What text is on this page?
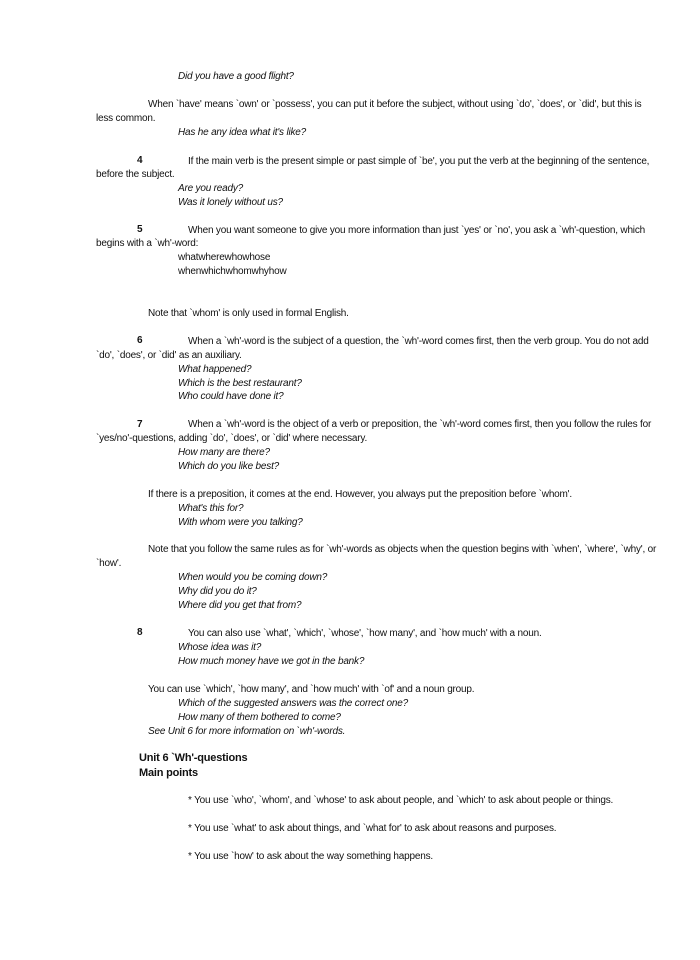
Did you have a good flight?

When `have' means `own' or `possess', you can put it before the subject, without using `do', `does', or `did', but this is

less common.

Has he any idea what it's like?

4	If the main verb is the present simple or past simple of `be', you put the verb at the beginning of the sentence,

before the subject.

Are you ready?

Was it lonely without us?

5	When you want someone to give you more information than just `yes' or `no', you ask a `wh'-question, which

begins with a `wh'-word:

whatwherewhowhose

whenwhichwhomwhyhow

Note that `whom' is only used in formal English.

6	When a `wh'-word is the subject of a question, the `wh'-word comes first, then the verb group. You do not add

`do', `does', or `did' as an auxiliary.

What happened?

Which is the best restaurant?

Who could have done it?

7	When a `wh'-word is the object of a verb or preposition, the `wh'-word comes first, then you follow the rules for

`yes/no'-questions, adding `do', `does', or `did' where necessary.

How many are there?

Which do you like best?

If there is a preposition, it comes at the end. However, you always put the preposition before `whom'.

What's this for?

With whom were you talking?

Note that you follow the same rules as for `wh'-words as objects when the question begins with `when', `where', `why', or

`how'.

When would you be coming down?

Why did you do it?

Where did you get that from?

8	You can also use `what', `which', `whose', `how many', and `how much' with a noun.

Whose idea was it?

How much money have we got in the bank?

You can use `which', `how many', and `how much' with `of' and a noun group.

Which of the suggested answers was the correct one?

How many of them bothered to come?

See Unit 6 for more information on `wh'-words.

Unit 6 `Wh'-questions

Main points

* You use `who', `whom', and `whose' to ask about people, and `which' to ask about people or things.

* You use `what' to ask about things, and `what for' to ask about reasons and purposes.

* You use `how' to ask about the way something happens.
